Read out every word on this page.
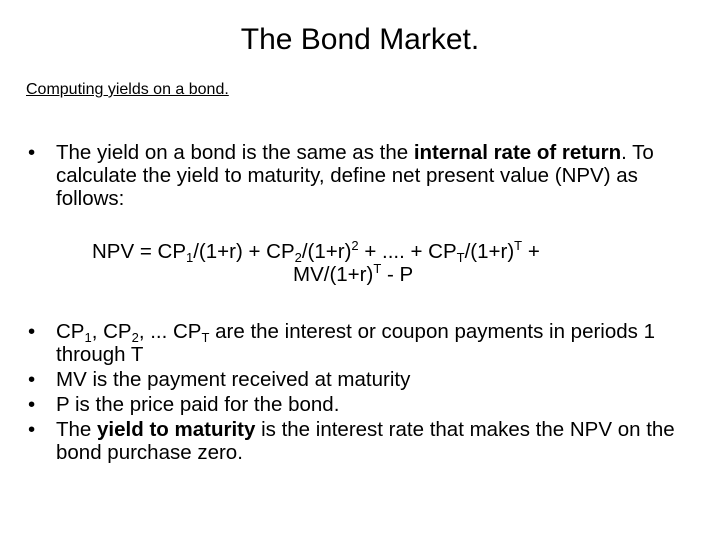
The Bond Market.
Computing yields on a bond.
• The yield on a bond is the same as the internal rate of return. To calculate the yield to maturity, define net present value (NPV) as follows:
NPV = $CP_1/(1+r) + CP_2/(1+r)^2$ + .... + $CP_T/(1+r)^T$ +
$MV/(1+r)^T - P$
• $CP_1$, $CP_2$, ... $CP_T$ are the interest or coupon payments in periods 1 through T
• MV is the payment received at maturity
• P is the price paid for the bond.
• The yield to maturity is the interest rate that makes the NPV on the bond purchase zero.
